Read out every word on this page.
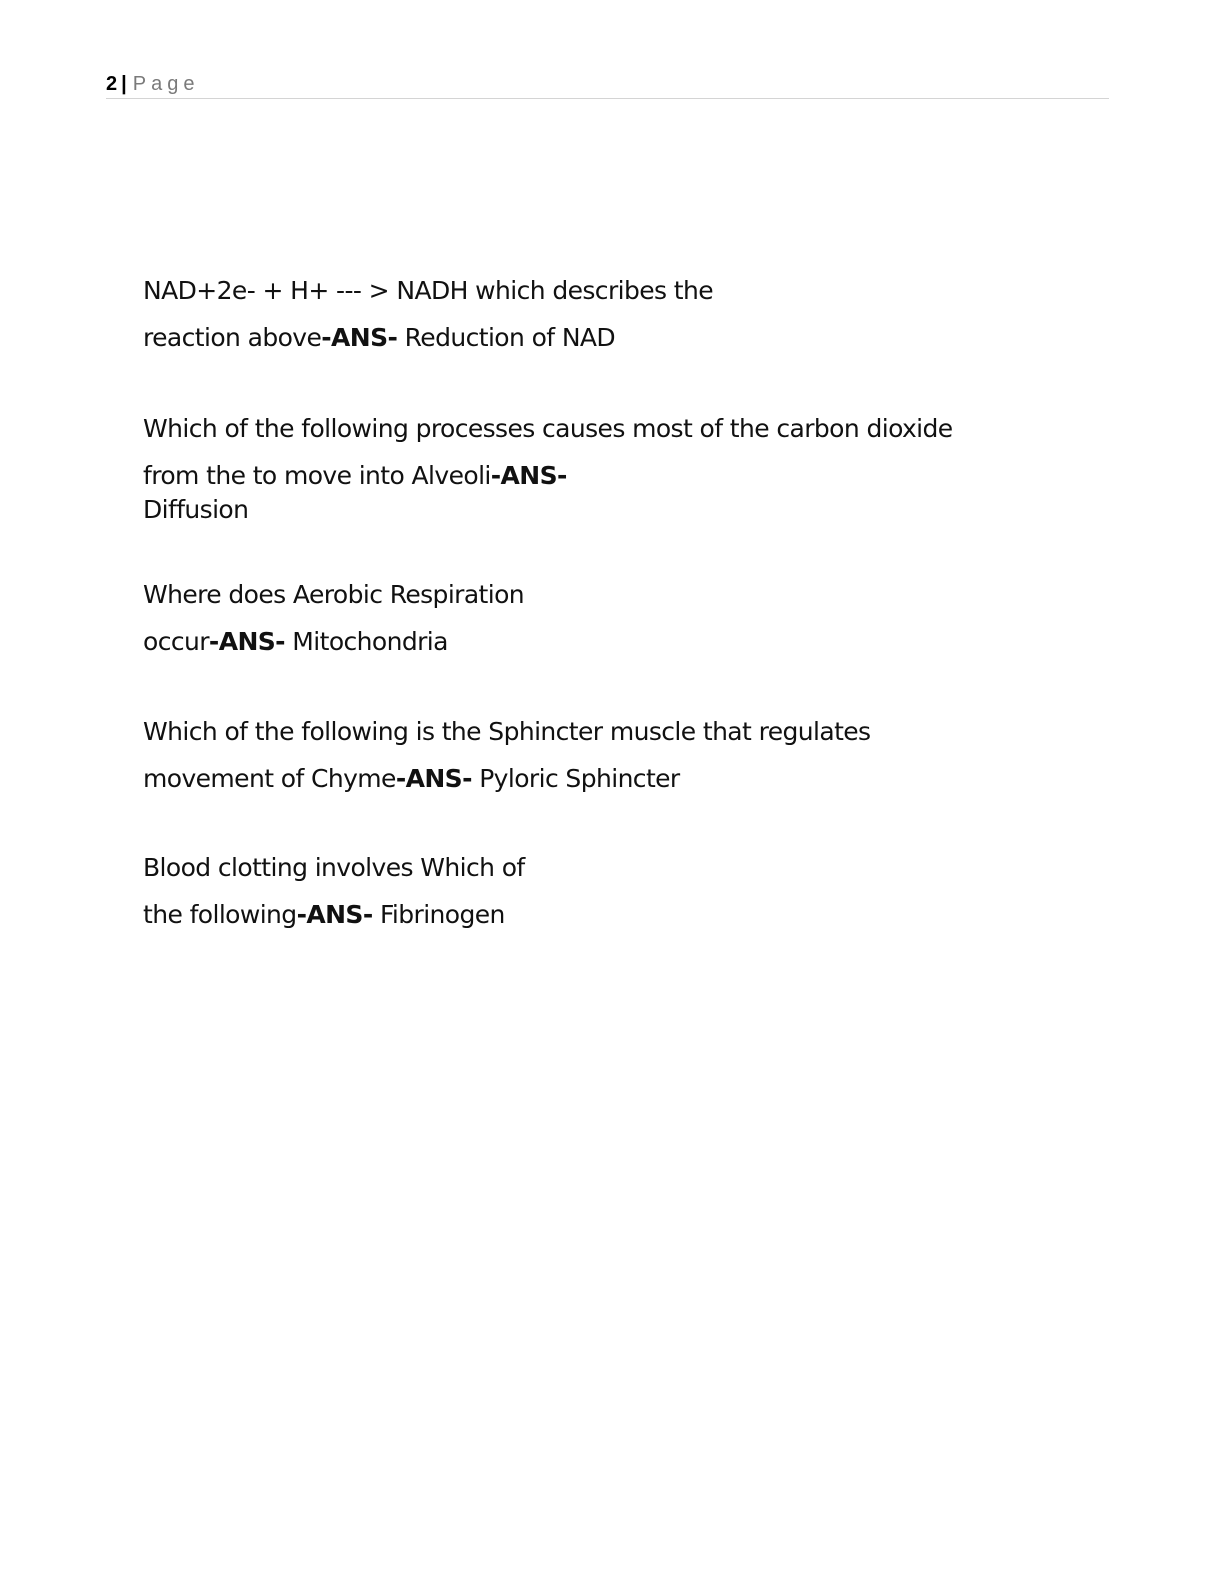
2 | Page
NAD+2e- + H+ --- > NADH which describes the
reaction above-ANS- Reduction of NAD
Which of the following processes causes most of the carbon dioxide
from the to move into Alveoli-ANS-
Diffusion
Where does Aerobic Respiration
occur-ANS- Mitochondria
Which of the following is the Sphincter muscle that regulates
movement of Chyme-ANS- Pyloric Sphincter
Blood clotting involves Which of
the following-ANS- Fibrinogen
